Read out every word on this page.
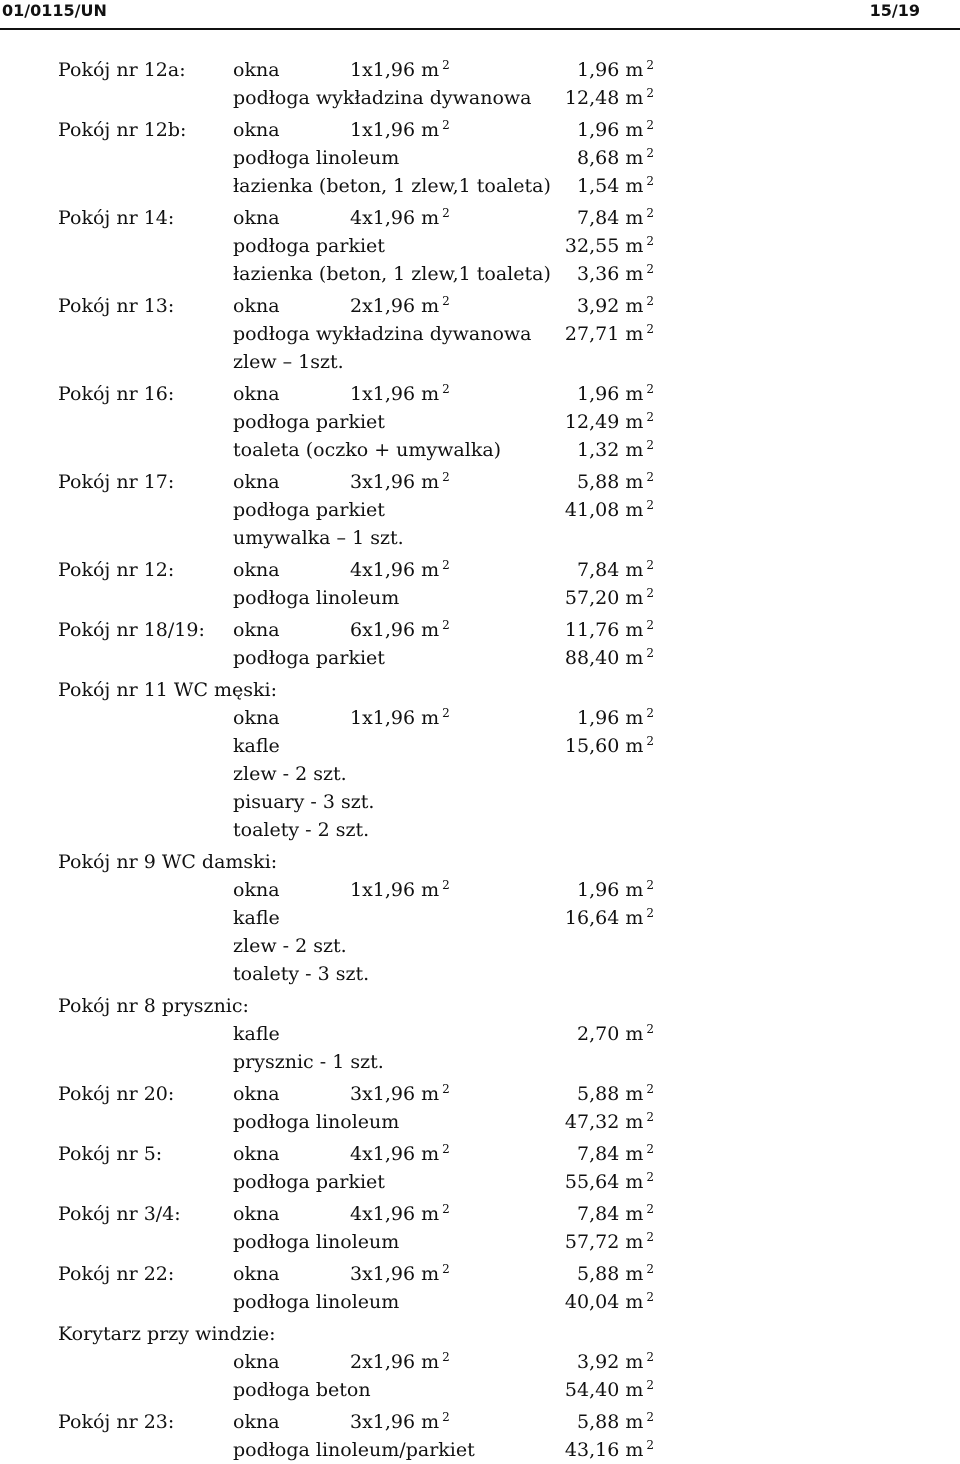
01/0115/UN	15/19
Pokój nr 12a: okna	1x1,96 m $^2$	1,96 m $^2$
podłoga wykładzina dywanowa	12,48 m $^2$
Pokój nr 12b: okna	1x1,96 m $^2$	1,96 m $^2$
podłoga linoleum	8,68 m $^2$
łazienka (beton, 1 zlew,1 toaleta)	1,54 m $^2$
Pokój nr 14:	okna	4x1,96 m $^2$	7,84 m $^2$
podłoga parkiet	32,55 m $^2$
łazienka (beton, 1 zlew,1 toaleta)	3,36 m $^2$
Pokój nr 13:	okna	2x1,96 m $^2$	3,92 m $^2$
podłoga wykładzina dywanowa	27,71 m $^2$
zlew – 1szt.
Pokój nr 16:	okna	1x1,96 m $^2$	1,96 m $^2$
podłoga parkiet	12,49 m $^2$
toaleta (oczko + umywalka)	1,32 m $^2$
Pokój nr 17:	okna	3x1,96 m $^2$	5,88 m $^2$
podłoga parkiet	41,08 m $^2$
umywalka – 1 szt.
Pokój nr 12:	okna	4x1,96 m $^2$	7,84 m $^2$
podłoga linoleum	57,20 m $^2$
Pokój nr 18/19: okna	6x1,96 m $^2$	11,76 m $^2$
podłoga parkiet	88,40 m $^2$
Pokój nr 11 WC męski:
okna	1x1,96 m $^2$	1,96 m $^2$
kafle	15,60 m $^2$
zlew - 2 szt.
pisuary - 3 szt.
toalety - 2 szt.
Pokój nr 9 WC damski:
okna	1x1,96 m $^2$	1,96 m $^2$
kafle	16,64 m $^2$
zlew - 2 szt.
toalety - 3 szt.
Pokój nr 8 prysznic:
kafle	2,70 m $^2$
prysznic - 1 szt.
Pokój nr 20:	okna	3x1,96 m $^2$	5,88 m $^2$
podłoga linoleum	47,32 m $^2$
Pokój nr 5:	okna	4x1,96 m $^2$	7,84 m $^2$
podłoga parkiet	55,64 m $^2$
Pokój nr 3/4:	okna	4x1,96 m $^2$	7,84 m $^2$
podłoga linoleum	57,72 m $^2$
Pokój nr 22:	okna	3x1,96 m $^2$	5,88 m $^2$
podłoga linoleum	40,04 m $^2$
Korytarz przy windzie:
okna	2x1,96 m $^2$	3,92 m $^2$
podłoga beton	54,40 m $^2$
Pokój nr 23:	okna	3x1,96 m $^2$	5,88 m $^2$
podłoga linoleum/parkiet	43,16 m $^2$
